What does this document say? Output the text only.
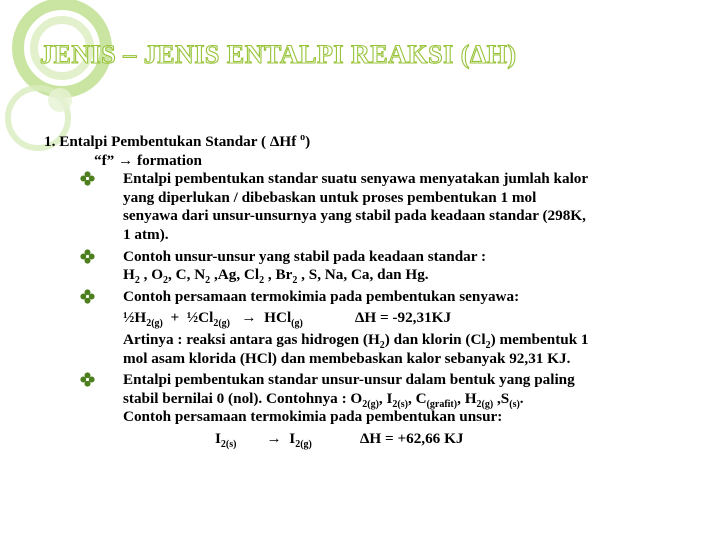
JENIS – JENIS ENTALPI REAKSI (ΔH)

1. Entalpi Pembentukan Standar ( ΔHf $^o$)

“f” → formation

Entalpi pembentukan standar suatu senyawa menyatakan jumlah kalor
yang diperlukan / dibebaskan untuk proses pembentukan 1 mol
senyawa dari unsur-unsurnya yang stabil pada keadaan standar (298K,
1 atm).
Contoh unsur-unsur yang stabil pada keadaan standar :
$H_2$ , $O_2$, C, $N_2$ ,Ag, $Cl_2$ , $Br_2$ , S, Na, Ca, dan Hg.
Contoh persamaan termokimia pada pembentukan senyawa:
$\frac{1}{2}H_{2(g)}$  +  $\frac{1}{2}Cl_{2(g)} \to HCl_{(g)}$	ΔH = -92,31KJ
Artinya : reaksi antara gas hidrogen $(H_2)$ dan klorin $(Cl_2)$ membentuk 1
mol asam klorida (HCl) dan membebaskan kalor sebanyak 92,31 KJ.
Entalpi pembentukan standar unsur-unsur dalam bentuk yang paling
stabil bernilai 0 (nol). Contohnya : $O_{2(g)}$, $I_{2(s)}$, $C_{(grafit)}$, $H_{2(g)}$ $,S_{(s)}$.
Contoh persamaan termokimia pada pembentukan unsur:
$I_{2(s)} \to I_{2(g)}$	ΔH = +62,66 KJ
